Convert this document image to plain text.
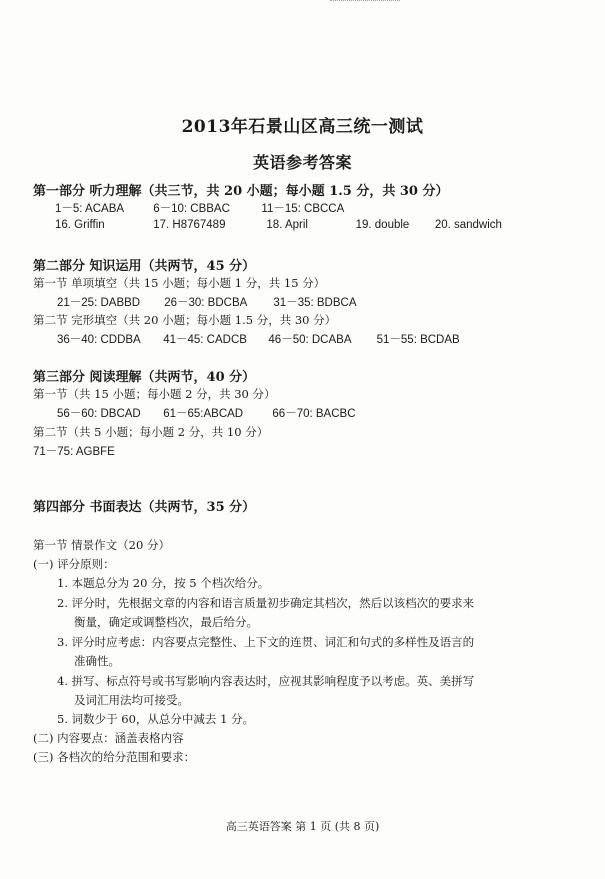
2013年石景山区高三统一测试
英语参考答案
第一部分 听力理解（共三节，共 20 小题；每小题 1.5 分，共 30 分）
1－5: ACABA	6－10: CBBAC	11－15: CBCCA
16. Griffin	17. H8767489	18. April	19. double 20. sandwich
第二部分 知识运用（共两节，45 分）
第一节 单项填空（共 15 小题；每小题 1 分，共 15 分）
21－25: DABBD 26－30: BDCBA 31－35: BDBCA
第二节 完形填空（共 20 小题；每小题 1.5 分，共 30 分）
36－40: CDDBA 41－45: CADCB 46－50: DCABA 51－55: BCDAB
第三部分 阅读理解（共两节，40 分）
第一节（共 15 小题；每小题 2 分，共 30 分）
56－60: DBCAD 61－65:ABCAD	66－70: BACBC
第二节（共 5 小题；每小题 2 分，共 10 分）
71－75: AGBFE
第四部分 书面表达（共两节，35 分）
第一节 情景作文（20 分）
(一) 评分原则：
1. 本题总分为 20 分，按 5 个档次给分。
2. 评分时，先根据文章的内容和语言质量初步确定其档次，然后以该档次的要求来
衡量，确定或调整档次，最后给分。
3. 评分时应考虑：内容要点完整性、上下文的连贯、词汇和句式的多样性及语言的
准确性。
4. 拼写、标点符号或书写影响内容表达时，应视其影响程度予以考虑。英、美拼写
及词汇用法均可接受。
5. 词数少于 60，从总分中减去 1 分。
(二) 内容要点：涵盖表格内容
(三) 各档次的给分范围和要求：
高三英语答案 第 1 页 (共 8 页)
